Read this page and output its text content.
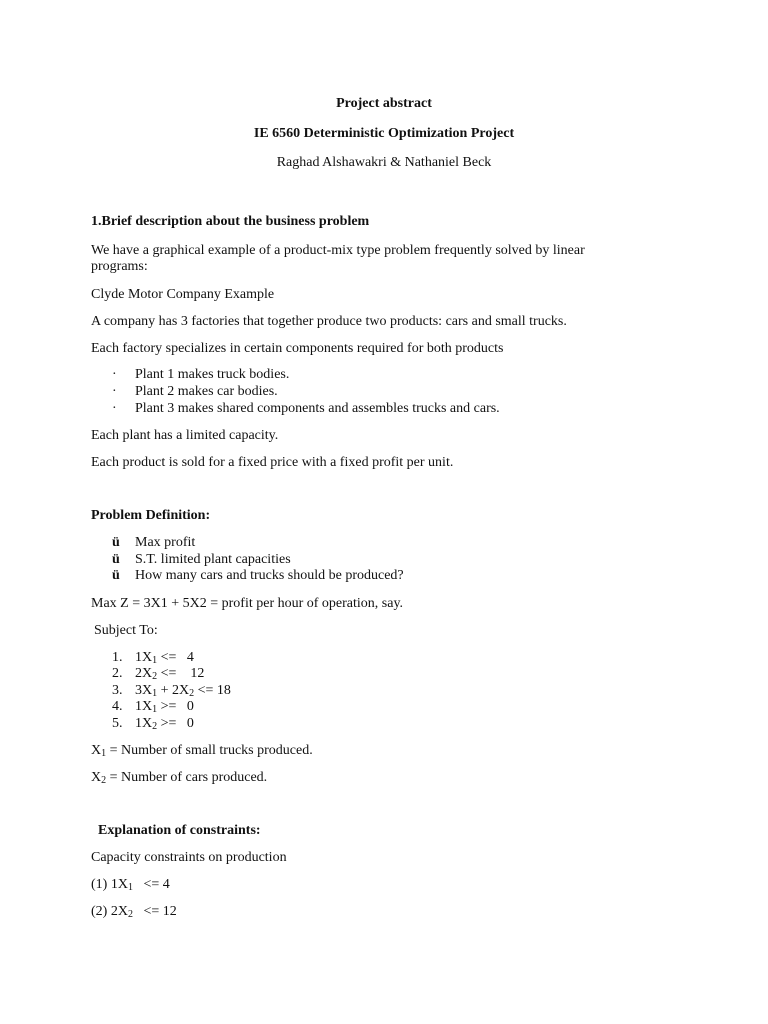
Project abstract
IE 6560 Deterministic Optimization Project
Raghad Alshawakri & Nathaniel Beck
1.Brief description about the business problem
We have a graphical example of a product-mix type problem frequently solved by linear
programs:
Clyde Motor Company Example
A company has 3 factories that together produce two products: cars and small trucks.
Each factory specializes in certain components required for both products
· Plant 1 makes truck bodies.
· Plant 2 makes car bodies.
· Plant 3 makes shared components and assembles trucks and cars.
Each plant has a limited capacity.
Each product is sold for a fixed price with a fixed profit per unit.
Problem Definition:
ü Max profit
ü S.T. limited plant capacities
ü How many cars and trucks should be produced?
Max Z = 3X1 + 5X2 = profit per hour of operation, say.
Subject To:
1. $1X_1 <= 4$
2. $2X_2$ <=    12
3. $3X_1 + 2X_2 <= 18$
4. $1X_1 >= 0$
5. $1X_2 >= 0$
$X_1$ = Number of small trucks produced.
$X_2$ = Number of cars produced.
Explanation of constraints:
Capacity constraints on production
(1) $1X_1 <= 4$
(2) $2X_2 <= 12$
